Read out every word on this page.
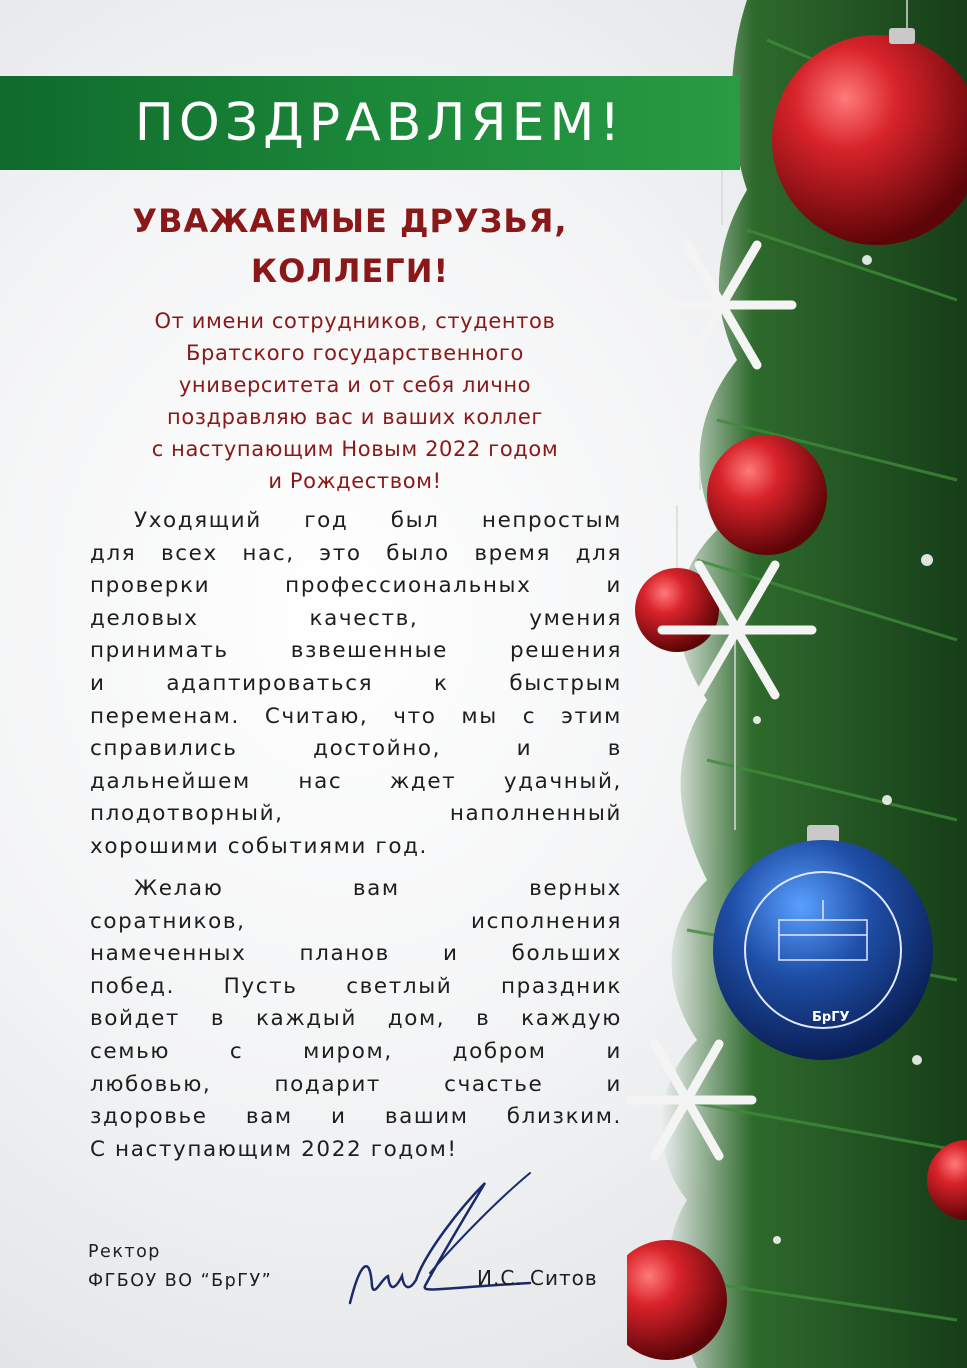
ПОЗДРАВЛЯЕМ!
УВАЖАЕМЫЕ ДРУЗЬЯ,
КОЛЛЕГИ!
От имени сотрудников, студентов
Братского государственного
университета и от себя лично
поздравляю вас и ваших коллег
с наступающим Новым 2022 годом
и Рождеством!
Уходящий год был непростым
для всех нас, это было время для
проверки профессиональных и
деловых качеств, умения
принимать взвешенные решения
и адаптироваться к быстрым
переменам. Считаю, что мы с этим
справились достойно, и в
дальнейшем нас ждет удачный,
плодотворный, наполненный
хорошими событиями год.
Желаю вам верных
соратников, исполнения
намеченных планов и больших
побед. Пусть светлый праздник
войдет в каждый дом, в каждую
семью с миром, добром и
любовью, подарит счастье и
здоровье вам и вашим близким.
С наступающим 2022 годом!
Ректор
ФГБОУ ВО “БрГУ”	И.С. Ситов
БрГУ
